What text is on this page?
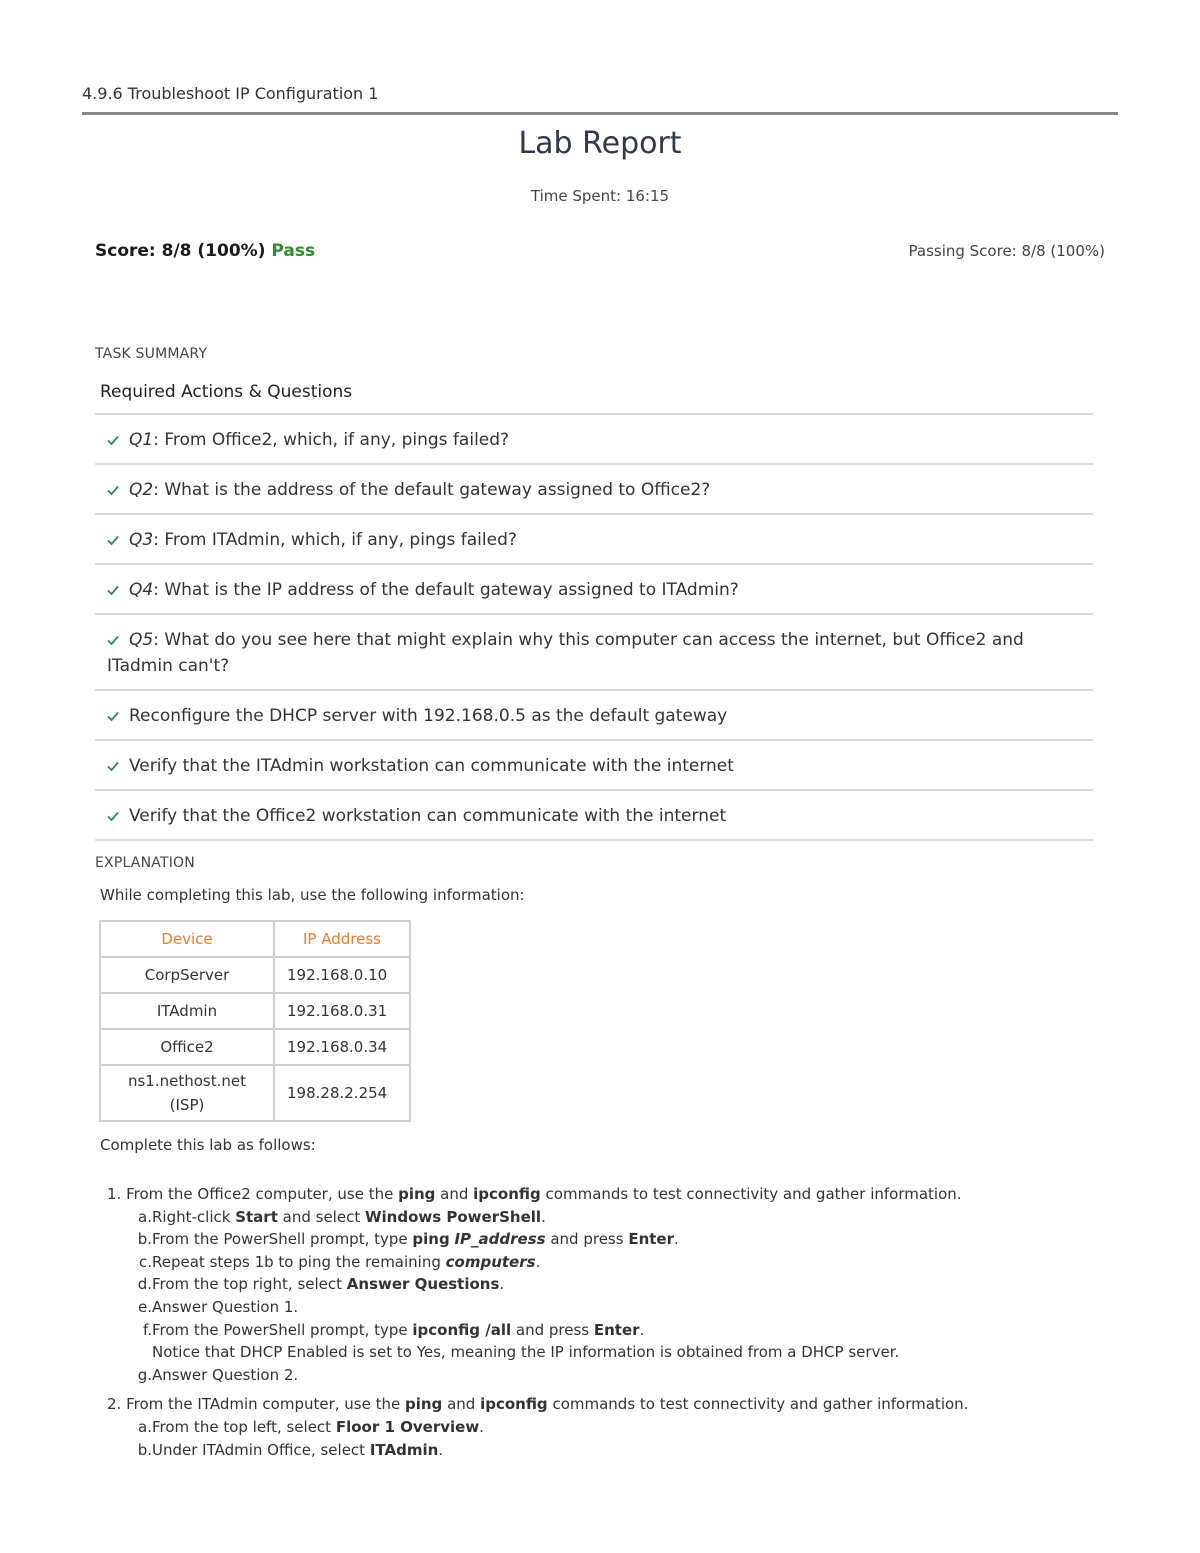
4.9.6 Troubleshoot IP Configuration 1
Lab Report
Time Spent: 16:15
Score: 8/8 (100%) Pass	Passing Score: 8/8 (100%)
TASK SUMMARY
Required Actions & Questions
Q1: From Office2, which, if any, pings failed?
Q2: What is the address of the default gateway assigned to Office2?
Q3: From ITAdmin, which, if any, pings failed?
Q4: What is the IP address of the default gateway assigned to ITAdmin?
Q5: What do you see here that might explain why this computer can access the internet, but Office2 and ITadmin can't?
Reconfigure the DHCP server with 192.168.0.5 as the default gateway
Verify that the ITAdmin workstation can communicate with the internet
Verify that the Office2 workstation can communicate with the internet
EXPLANATION
While completing this lab, use the following information:
Device	IP Address
CorpServer	192.168.0.10
ITAdmin	192.168.0.31
Office2	192.168.0.34
ns1.nethost.net (ISP)	198.28.2.254
Complete this lab as follows:
1. From the Office2 computer, use the ping and ipconfig commands to test connectivity and gather information.
a. Right-click Start and select Windows PowerShell.
b. From the PowerShell prompt, type ping IP_address and press Enter.
c. Repeat steps 1b to ping the remaining computers.
d. From the top right, select Answer Questions.
e. Answer Question 1.
f. From the PowerShell prompt, type ipconfig /all and press Enter.
Notice that DHCP Enabled is set to Yes, meaning the IP information is obtained from a DHCP server.
g. Answer Question 2.
2. From the ITAdmin computer, use the ping and ipconfig commands to test connectivity and gather information.
a. From the top left, select Floor 1 Overview.
b. Under ITAdmin Office, select ITAdmin.
